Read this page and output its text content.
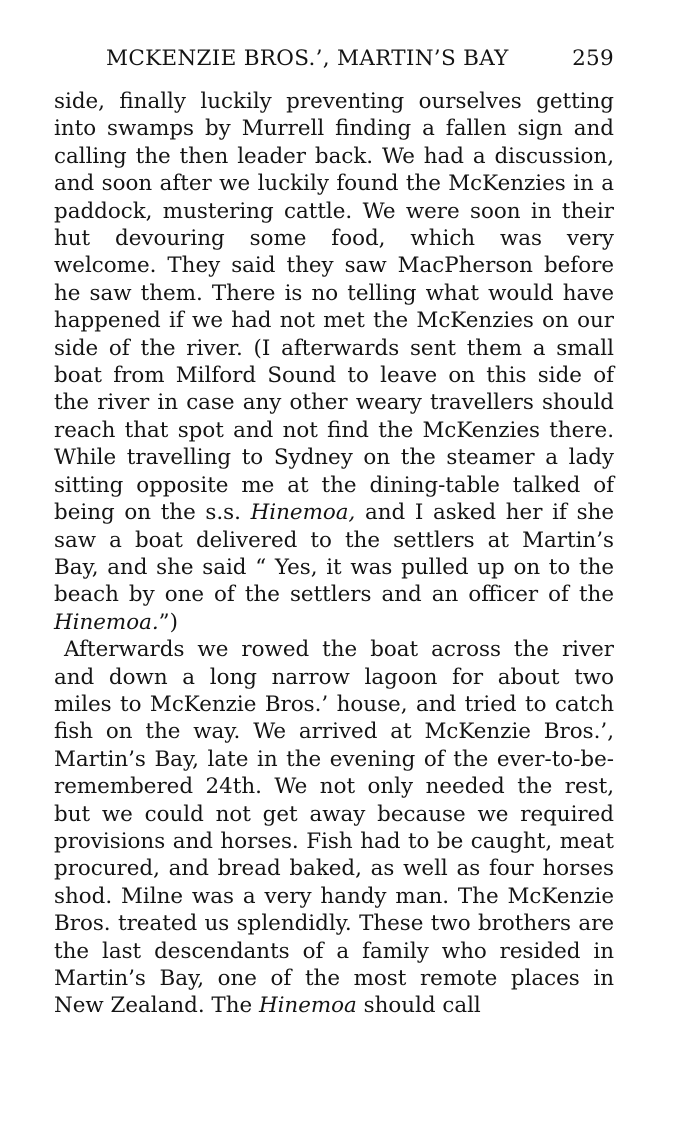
MCKENZIE BROS.’, MARTIN’S BAY	259

side, finally luckily preventing ourselves getting into swamps by Murrell finding a fallen sign and calling the then leader back. We had a discussion, and soon after we luckily found the McKenzies in a paddock, mustering cattle. We were soon in their hut devouring some food, which was very welcome. They said they saw MacPherson before he saw them. There is no telling what would have happened if we had not met the McKenzies on our side of the river. (I afterwards sent them a small boat from Milford Sound to leave on this side of the river in case any other weary travellers should reach that spot and not find the McKenzies there. While travelling to Sydney on the steamer a lady sitting opposite me at the dining-table talked of being on the s.s. Hinemoa, and I asked her if she saw a boat delivered to the settlers at Martin’s Bay, and she said “ Yes, it was pulled up on to the beach by one of the settlers and an officer of the Hinemoa.”)

Afterwards we rowed the boat across the river and down a long narrow lagoon for about two miles to McKenzie Bros.’ house, and tried to catch fish on the way. We arrived at McKenzie Bros.’, Martin’s Bay, late in the evening of the ever-to-be-remembered 24th. We not only needed the rest, but we could not get away because we required provisions and horses. Fish had to be caught, meat procured, and bread baked, as well as four horses shod. Milne was a very handy man. The McKenzie Bros. treated us splendidly. These two brothers are the last descendants of a family who resided in Martin’s Bay, one of the most remote places in New Zealand. The Hinemoa should call
